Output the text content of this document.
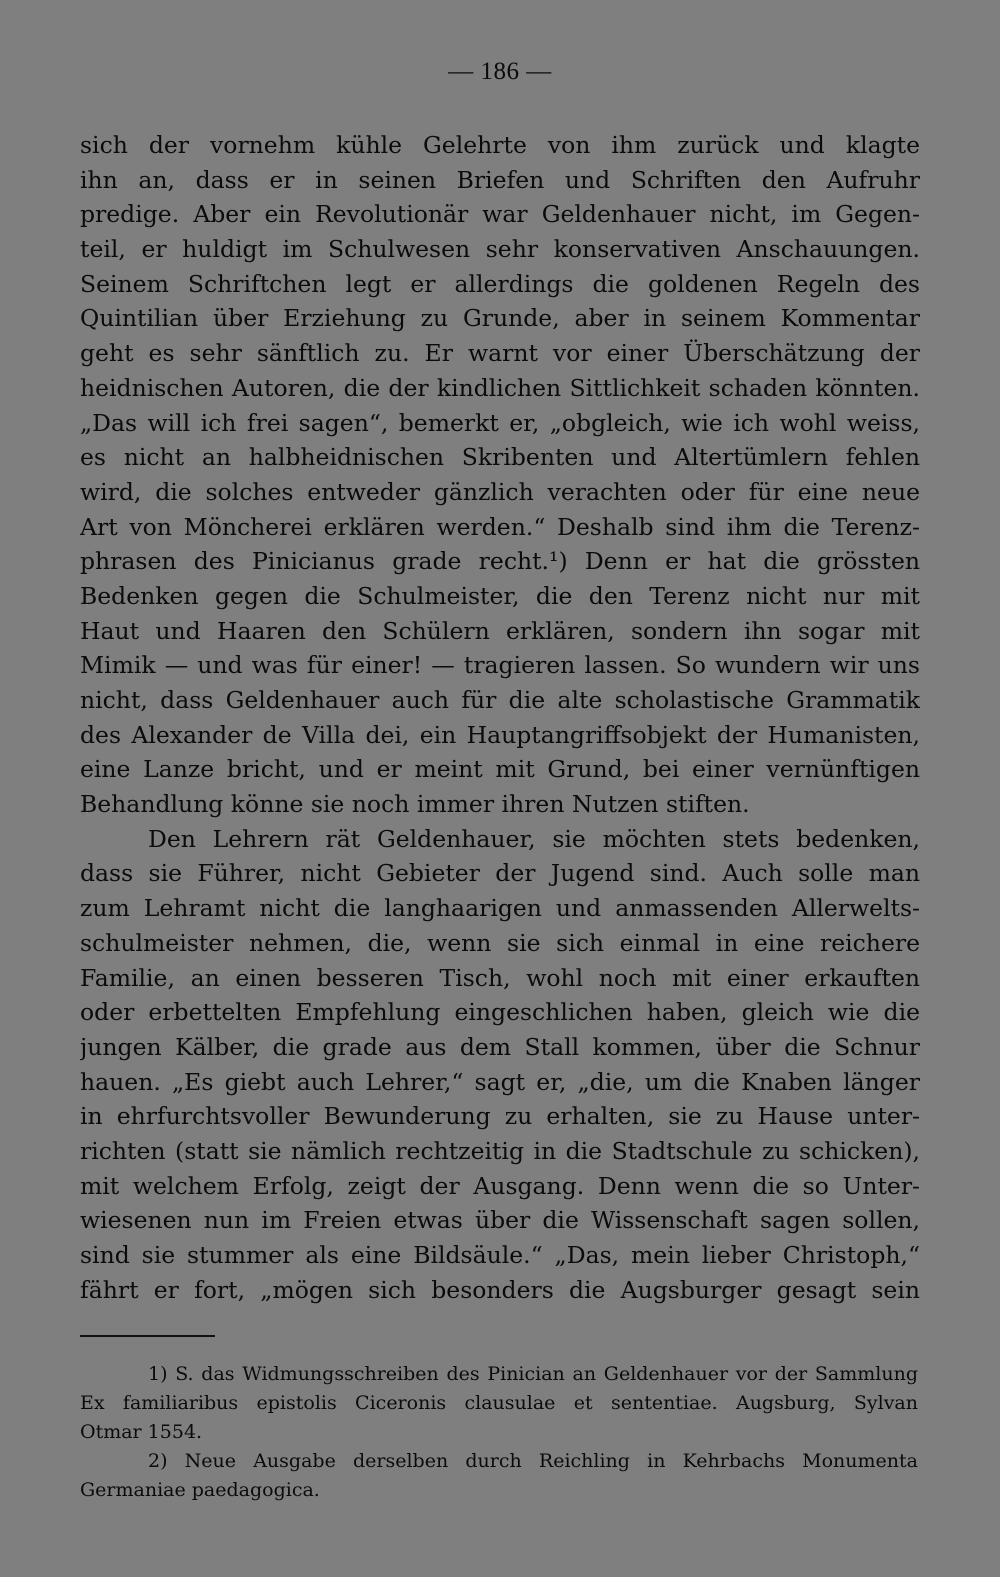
— 186 —
sich der vornehm kühle Gelehrte von ihm zurück und klagte
ihn an, dass er in seinen Briefen und Schriften den Aufruhr
predige. Aber ein Revolutionär war Geldenhauer nicht, im Gegen-
teil, er huldigt im Schulwesen sehr konservativen Anschauungen.
Seinem Schriftchen legt er allerdings die goldenen Regeln des
Quintilian über Erziehung zu Grunde, aber in seinem Kommentar
geht es sehr sänftlich zu. Er warnt vor einer Überschätzung der
heidnischen Autoren, die der kindlichen Sittlichkeit schaden könnten.
„Das will ich frei sagen“, bemerkt er, „obgleich, wie ich wohl weiss,
es nicht an halbheidnischen Skribenten und Altertümlern fehlen
wird, die solches entweder gänzlich verachten oder für eine neue
Art von Möncherei erklären werden.“ Deshalb sind ihm die Terenz-
phrasen des Pinicianus grade recht.¹) Denn er hat die grössten
Bedenken gegen die Schulmeister, die den Terenz nicht nur mit
Haut und Haaren den Schülern erklären, sondern ihn sogar mit
Mimik — und was für einer! — tragieren lassen. So wundern wir uns
nicht, dass Geldenhauer auch für die alte scholastische Grammatik
des Alexander de Villa dei, ein Hauptangriffsobjekt der Humanisten,
eine Lanze bricht, und er meint mit Grund, bei einer vernünftigen
Behandlung könne sie noch immer ihren Nutzen stiften.
Den Lehrern rät Geldenhauer, sie möchten stets bedenken,
dass sie Führer, nicht Gebieter der Jugend sind. Auch solle man
zum Lehramt nicht die langhaarigen und anmassenden Allerwelts-
schulmeister nehmen, die, wenn sie sich einmal in eine reichere
Familie, an einen besseren Tisch, wohl noch mit einer erkauften
oder erbettelten Empfehlung eingeschlichen haben, gleich wie die
jungen Kälber, die grade aus dem Stall kommen, über die Schnur
hauen. „Es giebt auch Lehrer,“ sagt er, „die, um die Knaben länger
in ehrfurchtsvoller Bewunderung zu erhalten, sie zu Hause unter-
richten (statt sie nämlich rechtzeitig in die Stadtschule zu schicken),
mit welchem Erfolg, zeigt der Ausgang. Denn wenn die so Unter-
wiesenen nun im Freien etwas über die Wissenschaft sagen sollen,
sind sie stummer als eine Bildsäule.“ „Das, mein lieber Christoph,“
fährt er fort, „mögen sich besonders die Augsburger gesagt sein
1) S. das Widmungsschreiben des Pinician an Geldenhauer vor der Sammlung
Ex familiaribus epistolis Ciceronis clausulae et sententiae. Augsburg, Sylvan
Otmar 1554.
2) Neue Ausgabe derselben durch Reichling in Kehrbachs Monumenta
Germaniae paedagogica.
